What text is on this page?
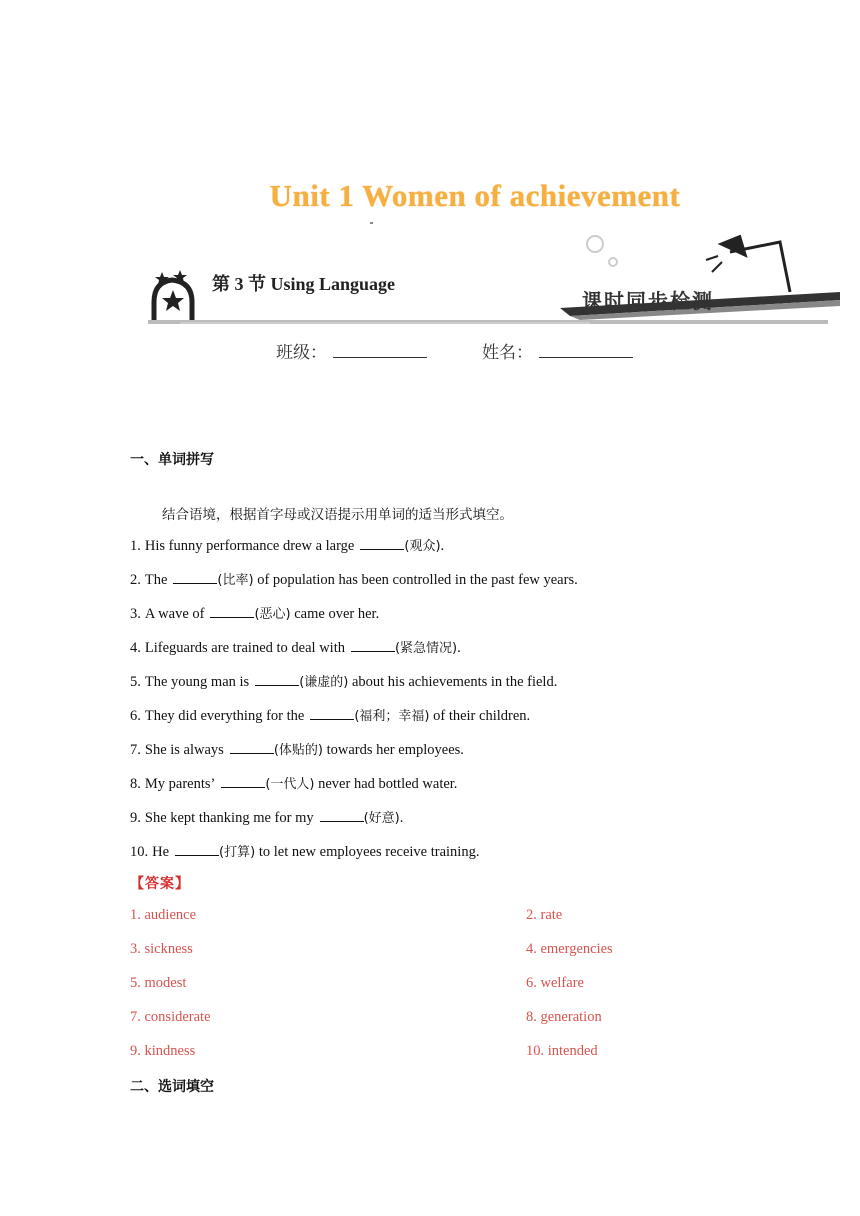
Unit 1 Women of achievement
第 3 节 Using Language
课时同步检测
班级：	姓名：
一、单词拼写
结合语境，根据首字母或汉语提示用单词的适当形式填空。
1. His funny performance drew a large	(观众).
2. The	(比率) of population has been controlled in the past few years.
3. A wave of	(恶心) came over her.
4. Lifeguards are trained to deal with	(紧急情况).
5. The young man is	(谦虚的) about his achievements in the field.
6. They did everything for the	(福利；幸福) of their children.
7. She is always	(体贴的) towards her employees.
8. My parents’	(一代人) never had bottled water.
9. She kept thanking me for my	(好意).
10. He	(打算) to let new employees receive training.
【答案】
1. audience	2. rate
3. sickness	4. emergencies
5. modest	6. welfare
7. considerate	8. generation
9. kindness	10. intended
二、选词填空
